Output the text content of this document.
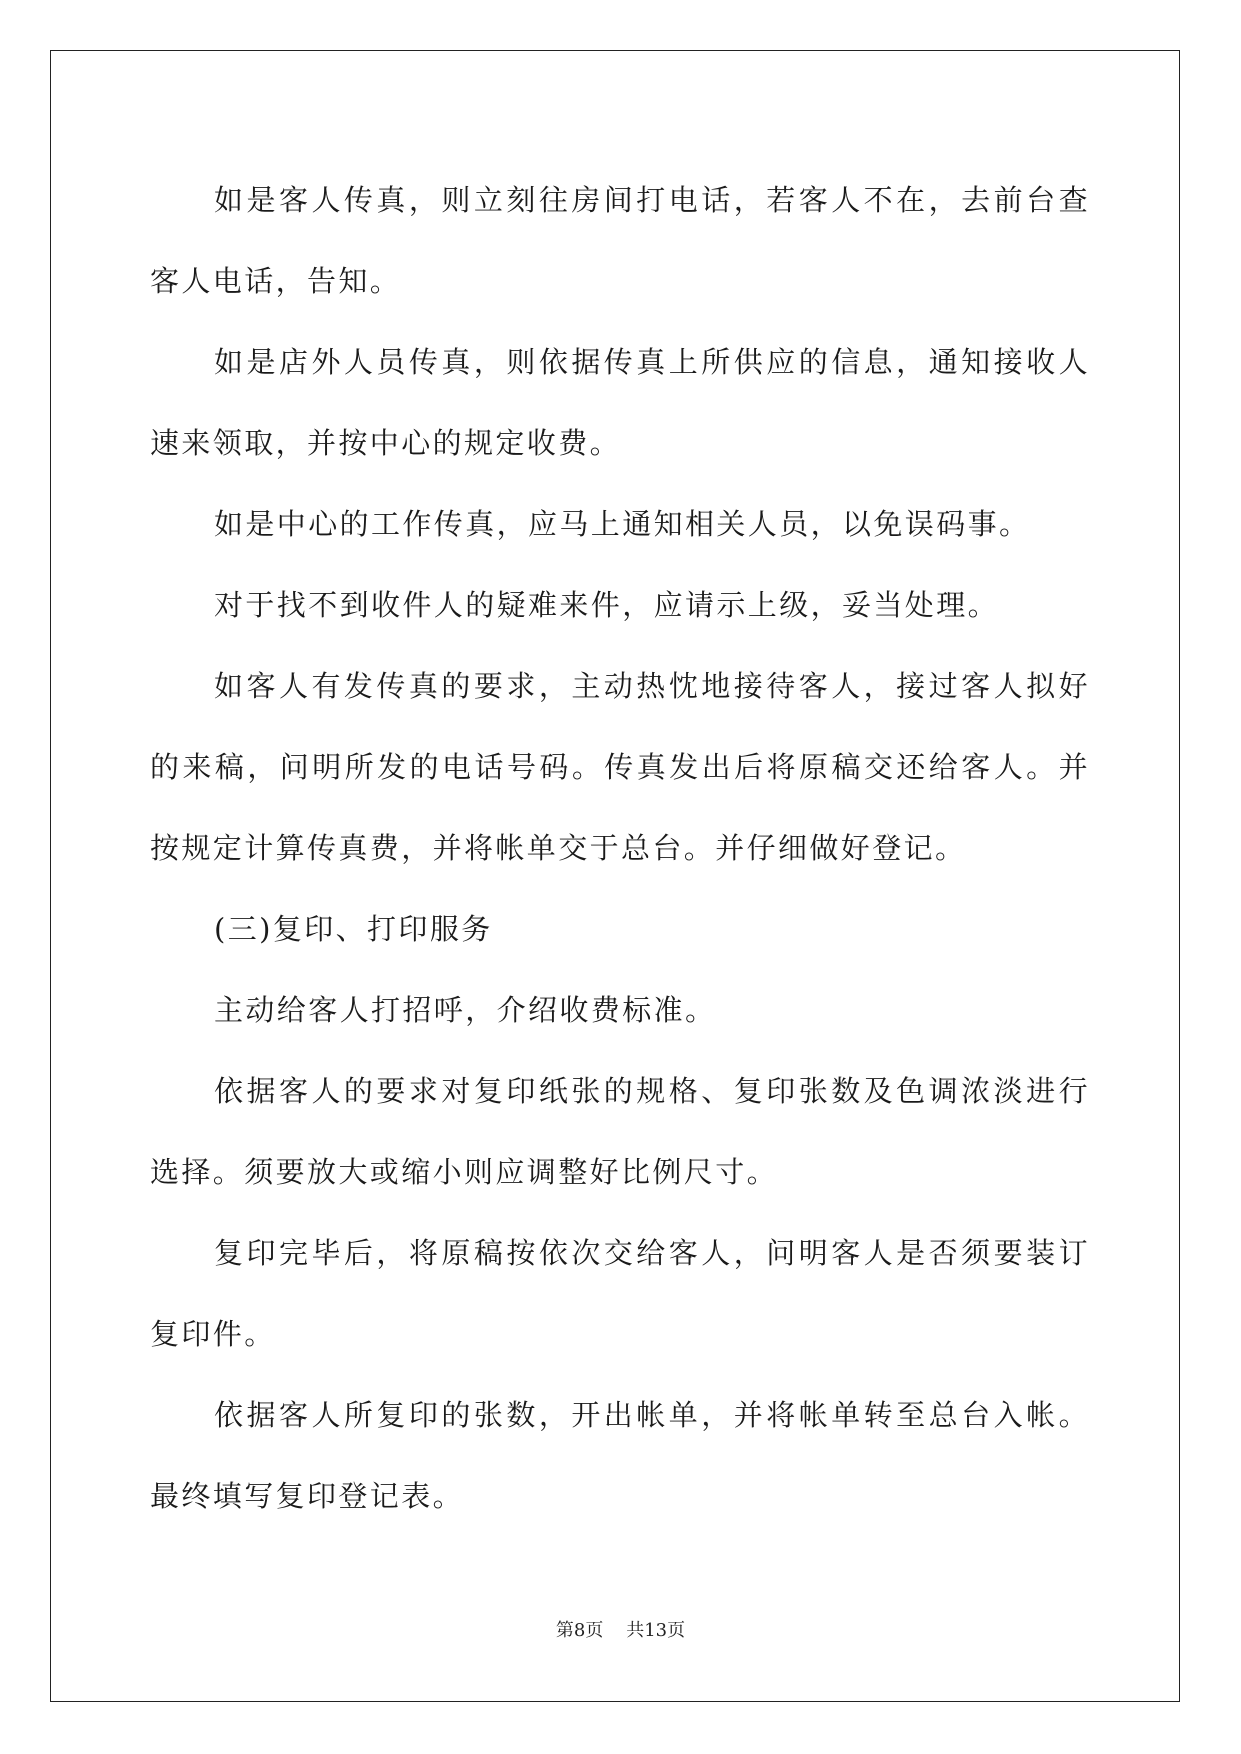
如是客人传真，则立刻往房间打电话，若客人不在，去前台查客人电话，告知。

如是店外人员传真，则依据传真上所供应的信息，通知接收人速来领取，并按中心的规定收费。

如是中心的工作传真，应马上通知相关人员，以免误码事。

对于找不到收件人的疑难来件，应请示上级，妥当处理。

如客人有发传真的要求，主动热忱地接待客人，接过客人拟好的来稿，问明所发的电话号码。传真发出后将原稿交还给客人。并按规定计算传真费，并将帐单交于总台。并仔细做好登记。

(三)复印、打印服务

主动给客人打招呼，介绍收费标准。

依据客人的要求对复印纸张的规格、复印张数及色调浓淡进行选择。须要放大或缩小则应调整好比例尺寸。

复印完毕后，将原稿按依次交给客人，问明客人是否须要装订复印件。

依据客人所复印的张数，开出帐单，并将帐单转至总台入帐。最终填写复印登记表。

第8页 共13页
